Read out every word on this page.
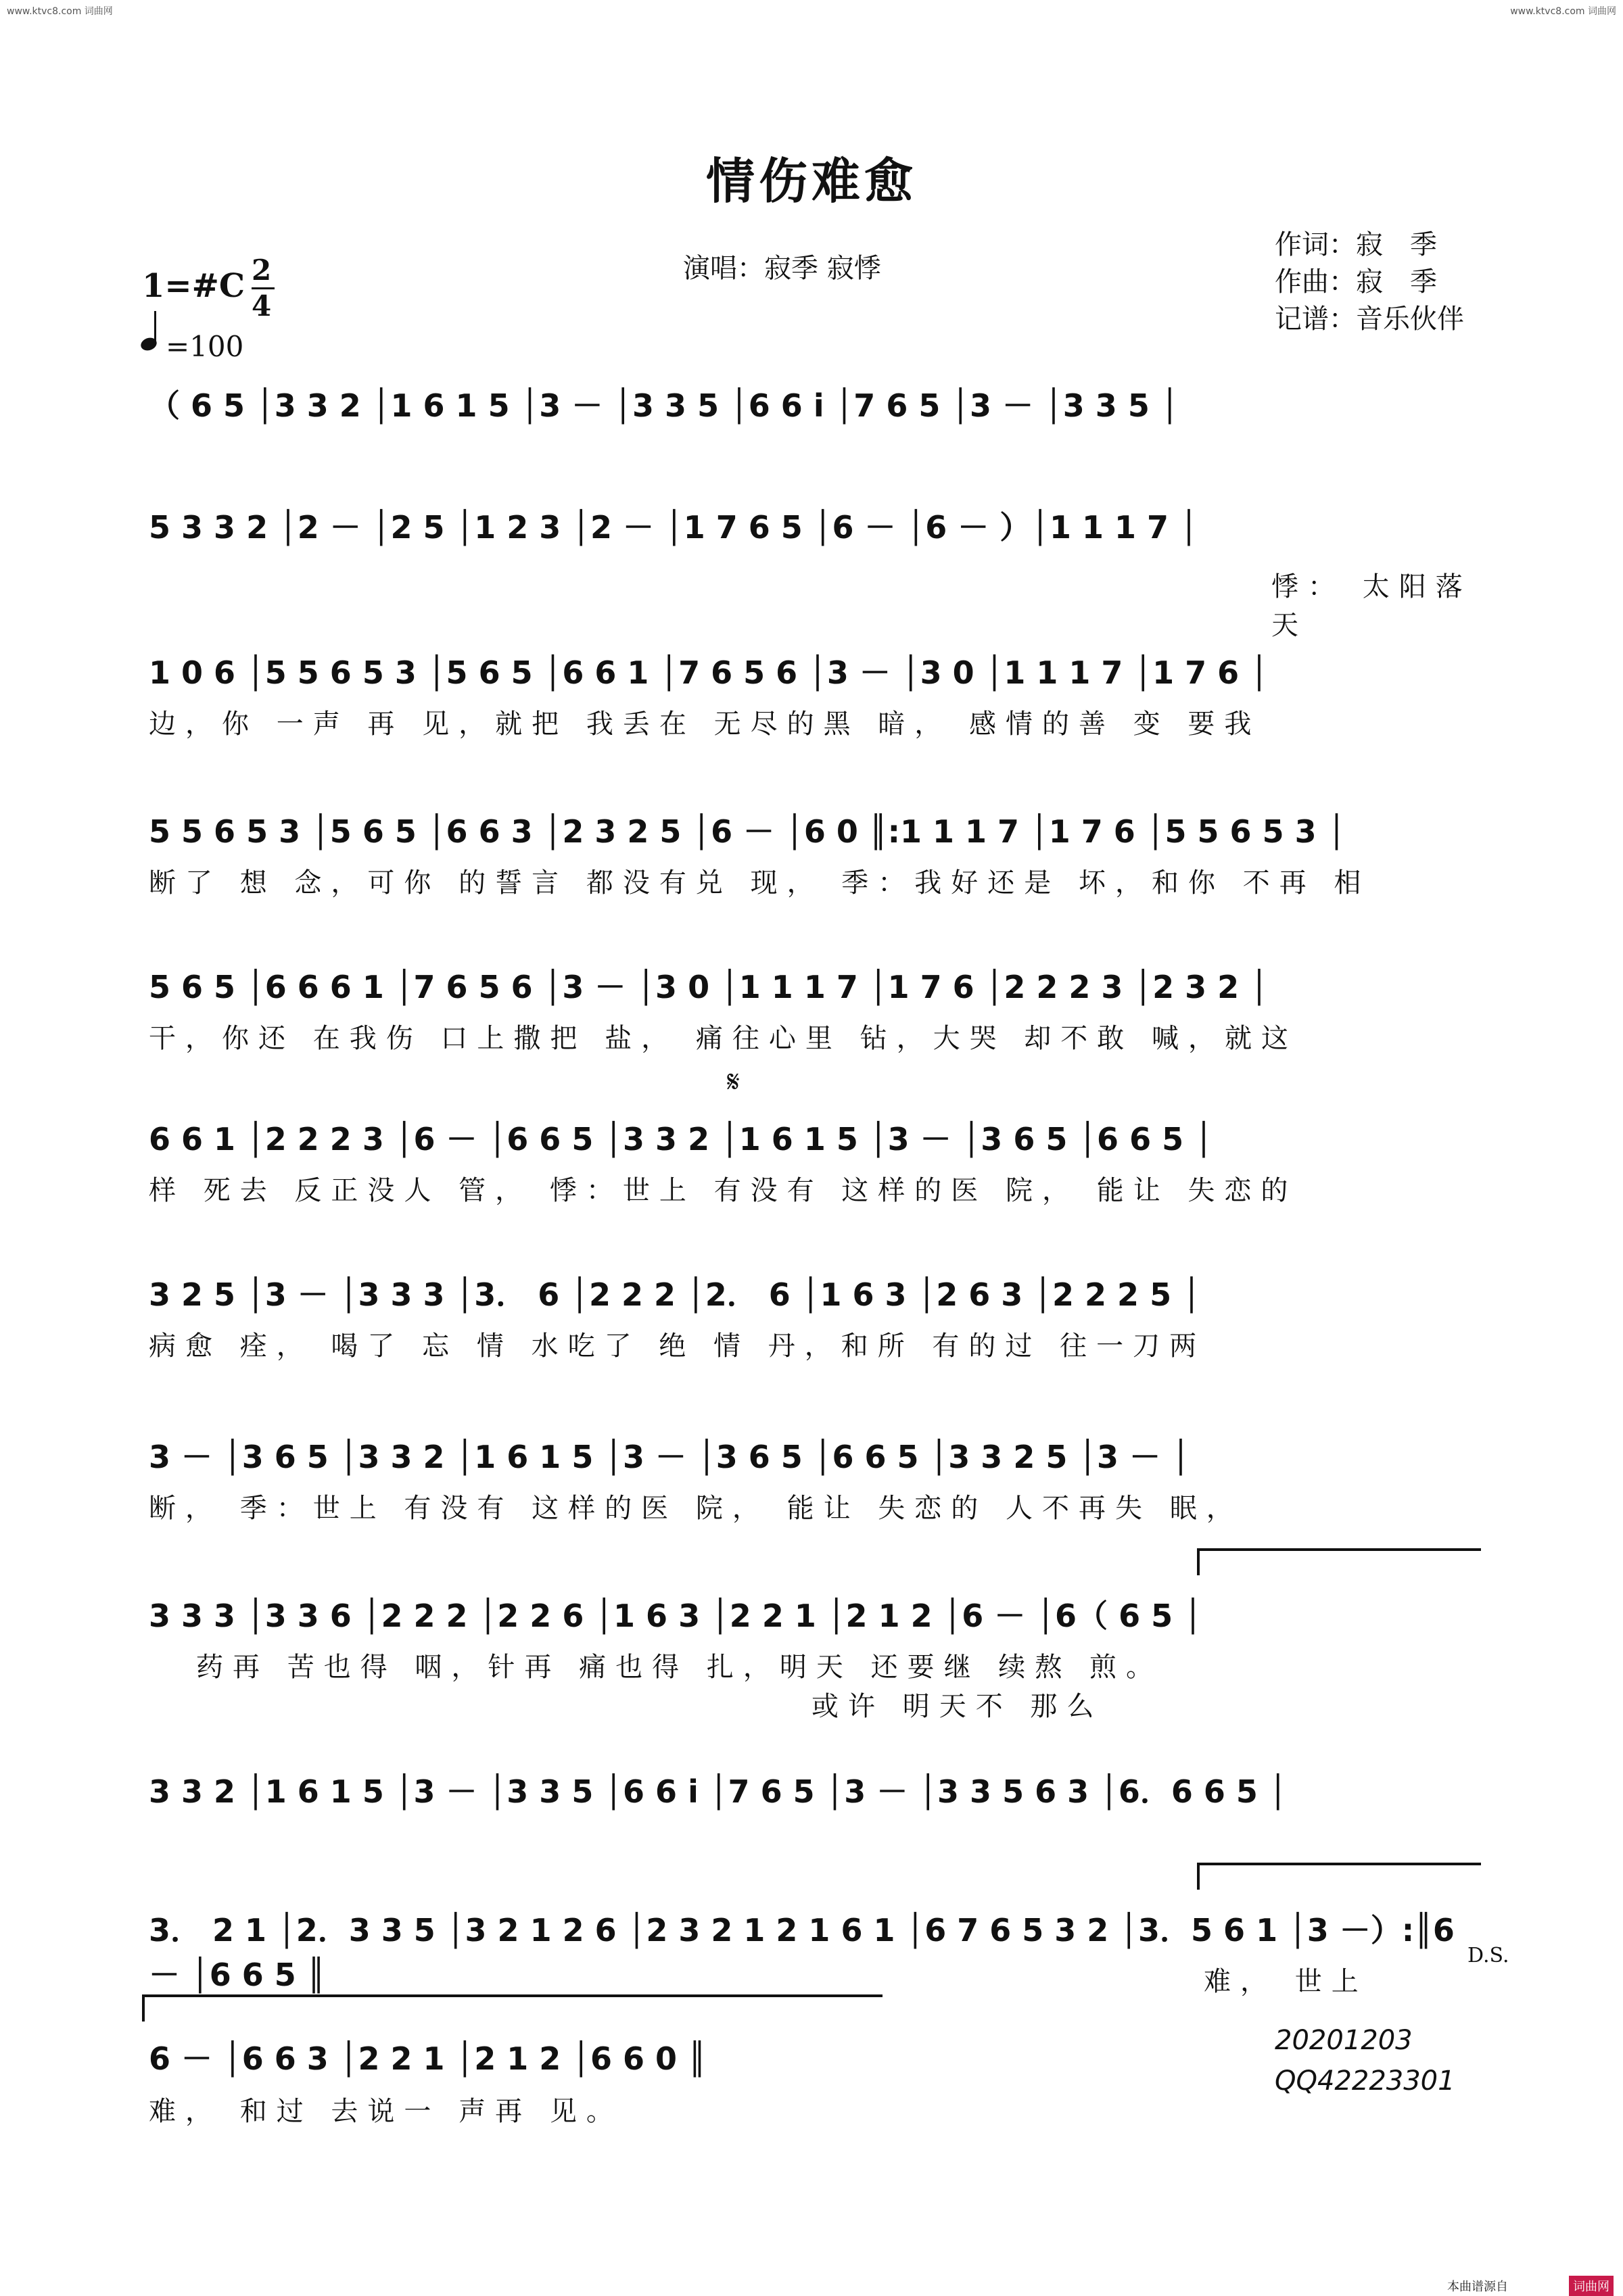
www.ktvc8.com 词曲网	www.ktvc8.com 词曲网
情伤难愈
演唱：寂季 寂悸
作词：寂　季
作曲：寂　季
记谱：音乐伙伴
1=#C 2
4
=100
（ 6 5 │3 3 2 │1 6 1 5 │3 － │3 3 5 │6 6 i │7 6 5 │3 － │3 3 5 │
5 3 3 2 │2 － │2 5 │1 2 3 │2 － │1 7 6 5 │6 － │6 － ）│1 1 1 7 │
悸： 太阳落天
1 0 6 │5 5 6 5 3 │5 6 5 │6 6 1 │7 6 5 6 │3 － │3 0 │1 1 1 7 │1 7 6 │
边，你 一声 再 见，就把 我丢在 无尽的黑 暗， 感情的善 变 要我
5 5 6 5 3 │5 6 5 │6 6 3 │2 3 2 5 │6 － │6 0 ║:1 1 1 7 │1 7 6 │5 5 6 5 3 │
断了 想 念，可你 的誓言 都没有兑 现， 季：我好还是 坏，和你 不再 相
5 6 5 │6 6 6 1 │7 6 5 6 │3 － │3 0 │1 1 1 7 │1 7 6 │2 2 2 3 │2 3 2 │
干，你还 在我伤 口上撒把 盐， 痛往心里 钻，大哭 却不敢 喊，就这
𝄋
6 6 1 │2 2 2 3 │6 － │6 6 5 │3 3 2 │1 6 1 5 │3 － │3 6 5 │6 6 5 │
样 死去 反正没人 管， 悸：世上 有没有 这样的医 院， 能让 失恋的
3 2 5 │3 － │3 3 3 │3． 6 │2 2 2 │2． 6 │1 6 3 │2 6 3 │2 2 2 5 │
病愈 痊， 喝了 忘 情 水吃了 绝 情 丹，和所 有的过 往一刀两
3 － │3 6 5 │3 3 2 │1 6 1 5 │3 － │3 6 5 │6 6 5 │3 3 2 5 │3 － │
断， 季：世上 有没有 这样的医 院， 能让 失恋的 人不再失 眠，
3 3 3 │3 3 6 │2 2 2 │2 2 6 │1 6 3 │2 2 1 │2 1 2 │6 － │6（ 6 5 │
药再 苦也得 咽，针再 痛也得 扎，明天 还要继 续熬 煎。
或许 明天不 那么
3 3 2 │1 6 1 5 │3 － │3 3 5 │6 6 i │7 6 5 │3 － │3 3 5 6 3 │6．6 6 5 │
3． 2 1 │2．3 3 5 │3 2 1 2 6 │2 3 2 1 2 1 6 1 │6 7 6 5 3 2 │3．5 6 1 │3 －）:║6 － │6 6 5 ║	难， 世上
D.S.
6 － │6 6 3 │2 2 1 │2 1 2 │6 6 0 ║
难， 和过 去说一 声再 见。
20201203
QQ42223301
本曲谱源自	词曲网
